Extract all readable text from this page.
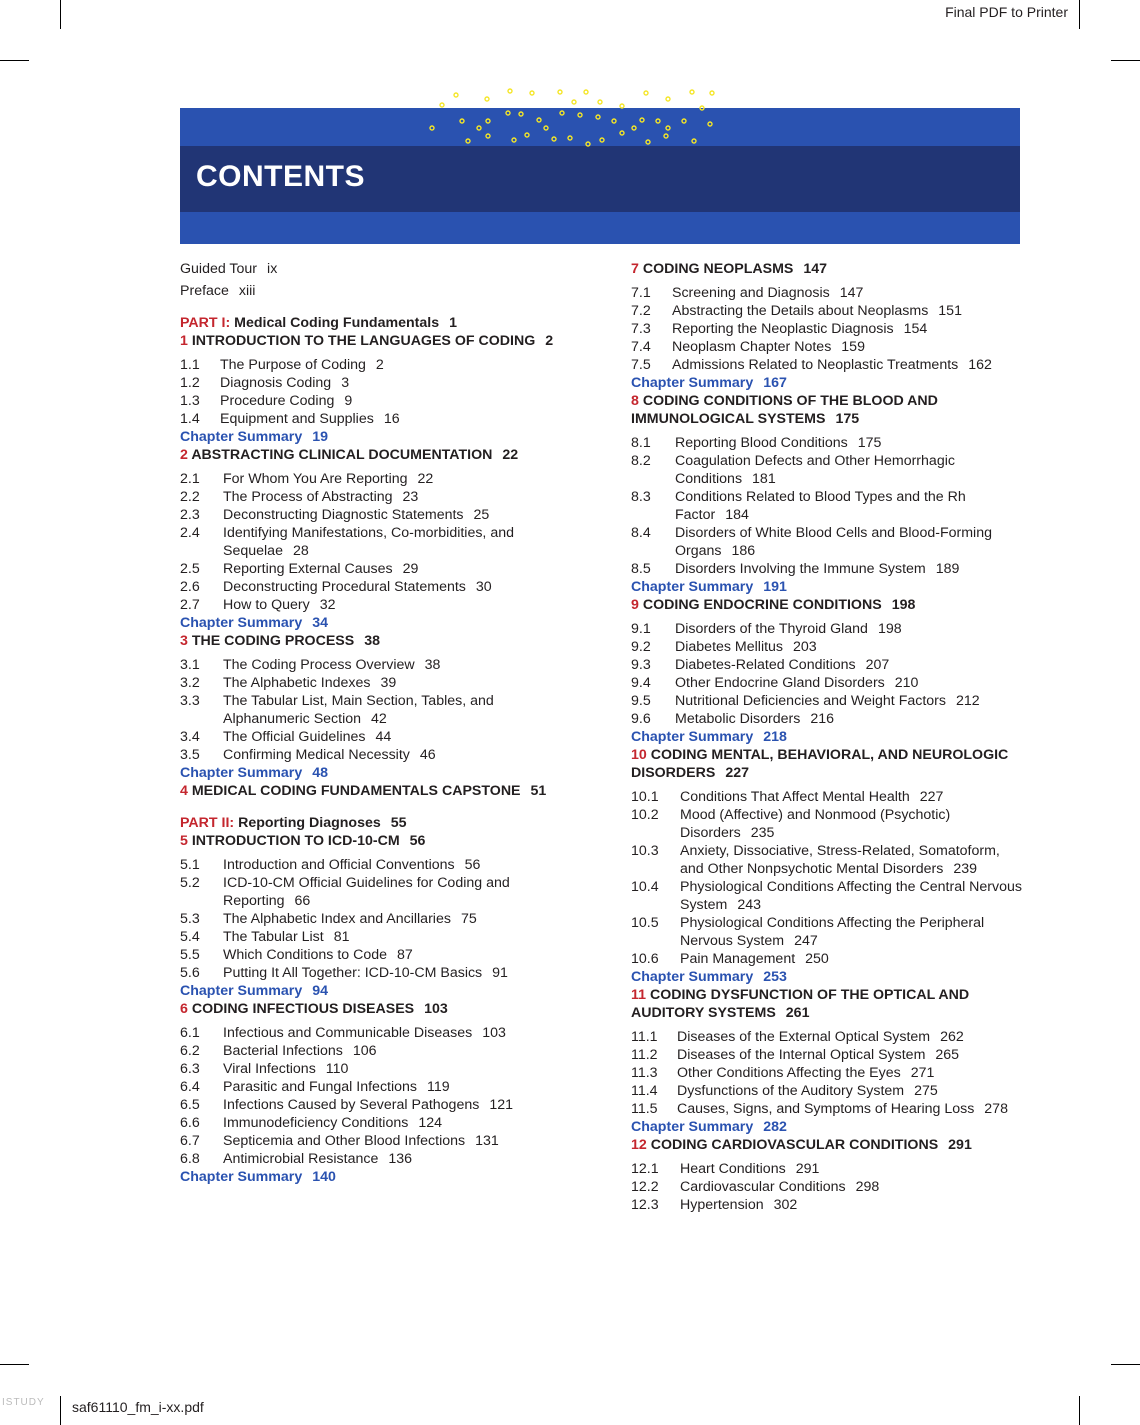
Final PDF to Printer
ISTUDY saf61110_fm_i-xx.pdf
CONTENTS
Guided Tour ix
Preface xiii
PART I: Medical Coding Fundamentals 1
1 INTRODUCTION TO THE LANGUAGES OF CODING 2
1.1	The Purpose of Coding 2
1.2	Diagnosis Coding 3
1.3	Procedure Coding 9
1.4	Equipment and Supplies 16
Chapter Summary 19
2 ABSTRACTING CLINICAL DOCUMENTATION 22
2.1	For Whom You Are Reporting 22
2.2	The Process of Abstracting 23
2.3	Deconstructing Diagnostic Statements 25
2.4	Identifying Manifestations, Co-morbidities, and Sequelae 28
2.5	Reporting External Causes 29
2.6	Deconstructing Procedural Statements 30
2.7	How to Query 32
Chapter Summary 34
3 THE CODING PROCESS 38
3.1	The Coding Process Overview 38
3.2	The Alphabetic Indexes 39
3.3	The Tabular List, Main Section, Tables, and Alphanumeric Section 42
3.4	The Official Guidelines 44
3.5	Confirming Medical Necessity 46
Chapter Summary 48
4 MEDICAL CODING FUNDAMENTALS CAPSTONE 51
PART II: Reporting Diagnoses 55
5 INTRODUCTION TO ICD-10-CM 56
5.1	Introduction and Official Conventions 56
5.2	ICD-10-CM Official Guidelines for Coding and Reporting 66
5.3	The Alphabetic Index and Ancillaries 75
5.4	The Tabular List 81
5.5	Which Conditions to Code 87
5.6	Putting It All Together: ICD-10-CM Basics 91
Chapter Summary 94
6 CODING INFECTIOUS DISEASES 103
6.1	Infectious and Communicable Diseases 103
6.2	Bacterial Infections 106
6.3	Viral Infections 110
6.4	Parasitic and Fungal Infections 119
6.5	Infections Caused by Several Pathogens 121
6.6	Immunodeficiency Conditions 124
6.7	Septicemia and Other Blood Infections 131
6.8	Antimicrobial Resistance 136
Chapter Summary 140
7 CODING NEOPLASMS 147
7.1	Screening and Diagnosis 147
7.2	Abstracting the Details about Neoplasms 151
7.3	Reporting the Neoplastic Diagnosis 154
7.4	Neoplasm Chapter Notes 159
7.5	Admissions Related to Neoplastic Treatments 162
Chapter Summary 167
8 CODING CONDITIONS OF THE BLOOD AND IMMUNOLOGICAL SYSTEMS 175
8.1	Reporting Blood Conditions 175
8.2	Coagulation Defects and Other Hemorrhagic Conditions 181
8.3	Conditions Related to Blood Types and the Rh Factor 184
8.4	Disorders of White Blood Cells and Blood-Forming Organs 186
8.5	Disorders Involving the Immune System 189
Chapter Summary 191
9 CODING ENDOCRINE CONDITIONS 198
9.1	Disorders of the Thyroid Gland 198
9.2	Diabetes Mellitus 203
9.3	Diabetes-Related Conditions 207
9.4	Other Endocrine Gland Disorders 210
9.5	Nutritional Deficiencies and Weight Factors 212
9.6	Metabolic Disorders 216
Chapter Summary 218
10 CODING MENTAL, BEHAVIORAL, AND NEUROLOGIC DISORDERS 227
10.1	Conditions That Affect Mental Health 227
10.2	Mood (Affective) and Nonmood (Psychotic) Disorders 235
10.3	Anxiety, Dissociative, Stress-Related, Somatoform, and Other Nonpsychotic Mental Disorders 239
10.4	Physiological Conditions Affecting the Central Nervous System 243
10.5	Physiological Conditions Affecting the Peripheral Nervous System 247
10.6	Pain Management 250
Chapter Summary 253
11 CODING DYSFUNCTION OF THE OPTICAL AND AUDITORY SYSTEMS 261
11.1	Diseases of the External Optical System 262
11.2	Diseases of the Internal Optical System 265
11.3	Other Conditions Affecting the Eyes 271
11.4	Dysfunctions of the Auditory System 275
11.5	Causes, Signs, and Symptoms of Hearing Loss 278
Chapter Summary 282
12 CODING CARDIOVASCULAR CONDITIONS 291
12.1	Heart Conditions 291
12.2	Cardiovascular Conditions 298
12.3	Hypertension 302
